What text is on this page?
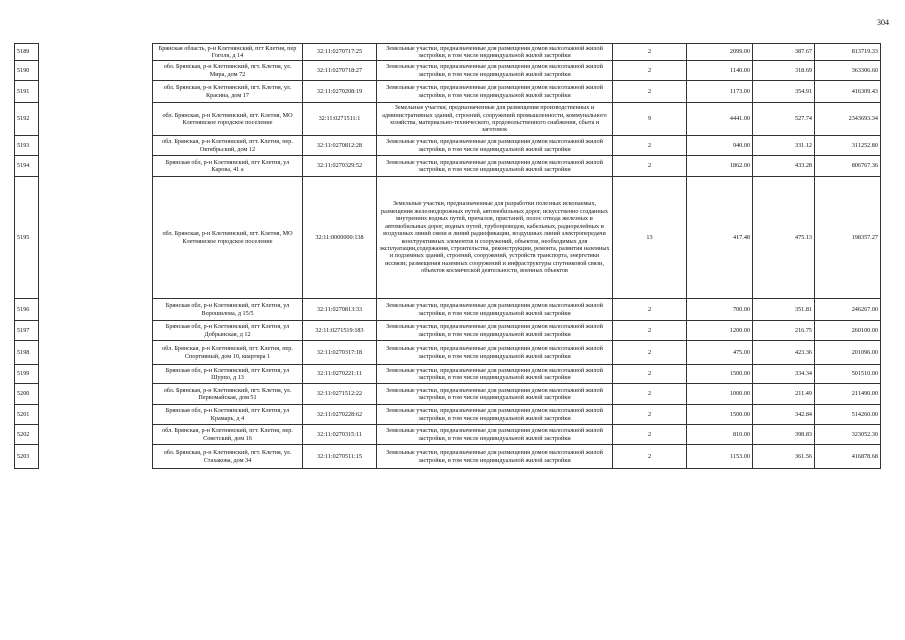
304
5189		Брянская область, р-н Клетнянский, пгт Клетня, пер Гоголя, д 14	32:11:0270717:25	Земельные участки, предназначенные для размещения домов малоэтажной жилой застройки, в том числе индивидуальной жилой застройки	2	2099.00	387.67	813719.33
5190		обл. Брянская, р-н Клетнянский, пгт. Клетня, ул. Мира, дом 72	32:11:0270718:27	Земельные участки, предназначенные для размещения домов малоэтажной жилой застройки, в том числе индивидуальной жилой застройки	2	1140.00	318.69	363306.60
5191		обл. Брянская, р-н Клетнянский, пгт. Клетня, ул. Красина, дом 17	32:11:0270208:19	Земельные участки, предназначенные для размещения домов малоэтажной жилой застройки, в том числе индивидуальной жилой застройки	2	1173.00	354.91	416309.43
5192		обл. Брянская, р-н Клетнянский, пгт. Клетня, МО Клетнянское городское поселение	32:11:0271511:1	Земельные участки, предназначенные для размещения производственных и административных зданий, строений, сооружений промышленности, коммунального хозяйства, материально-технического, продовольственного снабжения, сбыта и заготовок	9	4441.00	527.74	2343693.34
5193		обл. Брянская, р-н Клетнянский, пгт. Клетня, пер. Октябрьский, дом 12	32:11:0270812:28	Земельные участки, предназначенные для размещения домов малоэтажной жилой застройки, в том числе индивидуальной жилой застройки	2	940.00	331.12	311252.80
5194		Брянская обл, р-н Клетнянский, пгт Клетня, ул Карова, 41 а	32:11:0270329:52	Земельные участки, предназначенные для размещения домов малоэтажной жилой застройки, в том числе индивидуальной жилой застройки	2	1862.00	433.28	806767.36
5195		обл. Брянская, р-н Клетнянский, пгт. Клетня, МО Клетнянское городское поселение	32:11:0000000:138	Земельные участки, предназначенные для разработки полезных ископаемых, размещения железнодорожных путей, автомобильных дорог, искусственно созданных внутренних водных путей, причалов, пристаней, полос отвода железных и автомобильных дорог, водных путей, трубопроводов, кабельных, радиорелейных и воздушных линий связи и линий радиофикации, воздушных линий электропередачи конструктивных элементов и сооружений, объектов, необходимых для эксплуатации,содержания, строительства, реконструкции, ремонта, развития наземных и подземных зданий, строений, сооружений, устройств транспорта, энергетики иссвязи; размещения наземных сооружений и инфраструктуры спутниковой связи, объектов космической деятельности, военных объектов	13	417.48	475.13	198357.27
5196		Брянская обл, р-н Клетнянский, пгт Клетня, ул Ворошилова, д 15/5	32:11:0270813:33	Земельные участки, предназначенные для размещения домов малоэтажной жилой застройки, в том числе индивидуальной жилой застройки	2	700.00	351.81	246267.00
5197		Брянская обл, р-н Клетнянский, пгт Клетня, ул Добрынская, д 12	32:11:0271519:183	Земельные участки, предназначенные для размещения домов малоэтажной жилой застройки, в том числе индивидуальной жилой застройки	2	1200.00	216.75	260100.00
5198		обл. Брянская, р-н Клетнянский, пгт. Клетня, пер. Спортивный, дом 10, квартира 1	32:11:0270317:18	Земельные участки, предназначенные для размещения домов малоэтажной жилой застройки, в том числе индивидуальной жилой застройки	2	475.00	423.36	201096.00
5199		Брянская обл, р-н Клетнянский, пгт Клетня, ул Шурпо, д 13	32:11:0270221:11	Земельные участки, предназначенные для размещения домов малоэтажной жилой застройки, в том числе индивидуальной жилой застройки	2	1500.00	334.34	501510.00
5200		обл. Брянская, р-н Клетнянский, пгт. Клетня, ул. Первомайская, дом 51	32:11:0271512:22	Земельные участки, предназначенные для размещения домов малоэтажной жилой застройки, в том числе индивидуальной жилой застройки	2	1000.00	211.49	211490.00
5201		Брянская обл, р-н Клетнянский, пгт Клетня, ул Крамарь, д 4	32:11:0270228:62	Земельные участки, предназначенные для размещения домов малоэтажной жилой застройки, в том числе индивидуальной жилой застройки	2	1500.00	342.84	514260.00
5202		обл. Брянская, р-н Клетнянский, пгт. Клетня, пер. Советский, дом 16	32:11:0270315:11	Земельные участки, предназначенные для размещения домов малоэтажной жилой застройки, в том числе индивидуальной жилой застройки	2	810.00	398.83	323052.30
5203		обл. Брянская, р-н Клетнянский, пгт. Клетня, ул. Стахакова, дом 34	32:11:0270511:15	Земельные участки, предназначенные для размещения домов малоэтажной жилой застройки, в том числе индивидуальной жилой застройки	2	1153.00	361.56	416878.68
